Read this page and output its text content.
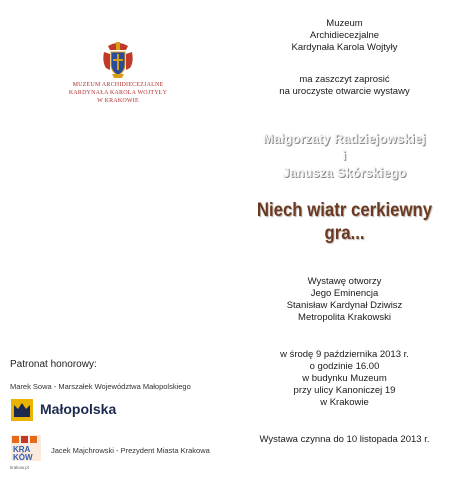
MUZEUM ARCHIDIECEZJALNE
KARDYNAŁA KAROLA WOJTYŁY
W KRAKOWIE
Patronat honorowy:
Marek Sowa - Marszałek Województwa Małopolskiego
Małopolska
KRA
KÓW
krakow.pl
Jacek Majchrowski - Prezydent Miasta Krakowa
Muzeum
Archidiecezjalne
Kardynała Karola Wojtyły
ma zaszczyt zaprosić
na uroczyste otwarcie wystawy
Małgorzaty Radziejowskiej
i
Janusza Skórskiego
Niech wiatr cerkiewny gra...
Wystawę otworzy
Jego Eminencja
Stanisław Kardynał Dziwisz
Metropolita Krakowski
w środę 9 października 2013 r.
o godzinie 16.00
w budynku Muzeum
przy ulicy Kanoniczej 19
w Krakowie
Wystawa czynna do 10 listopada 2013 r.
